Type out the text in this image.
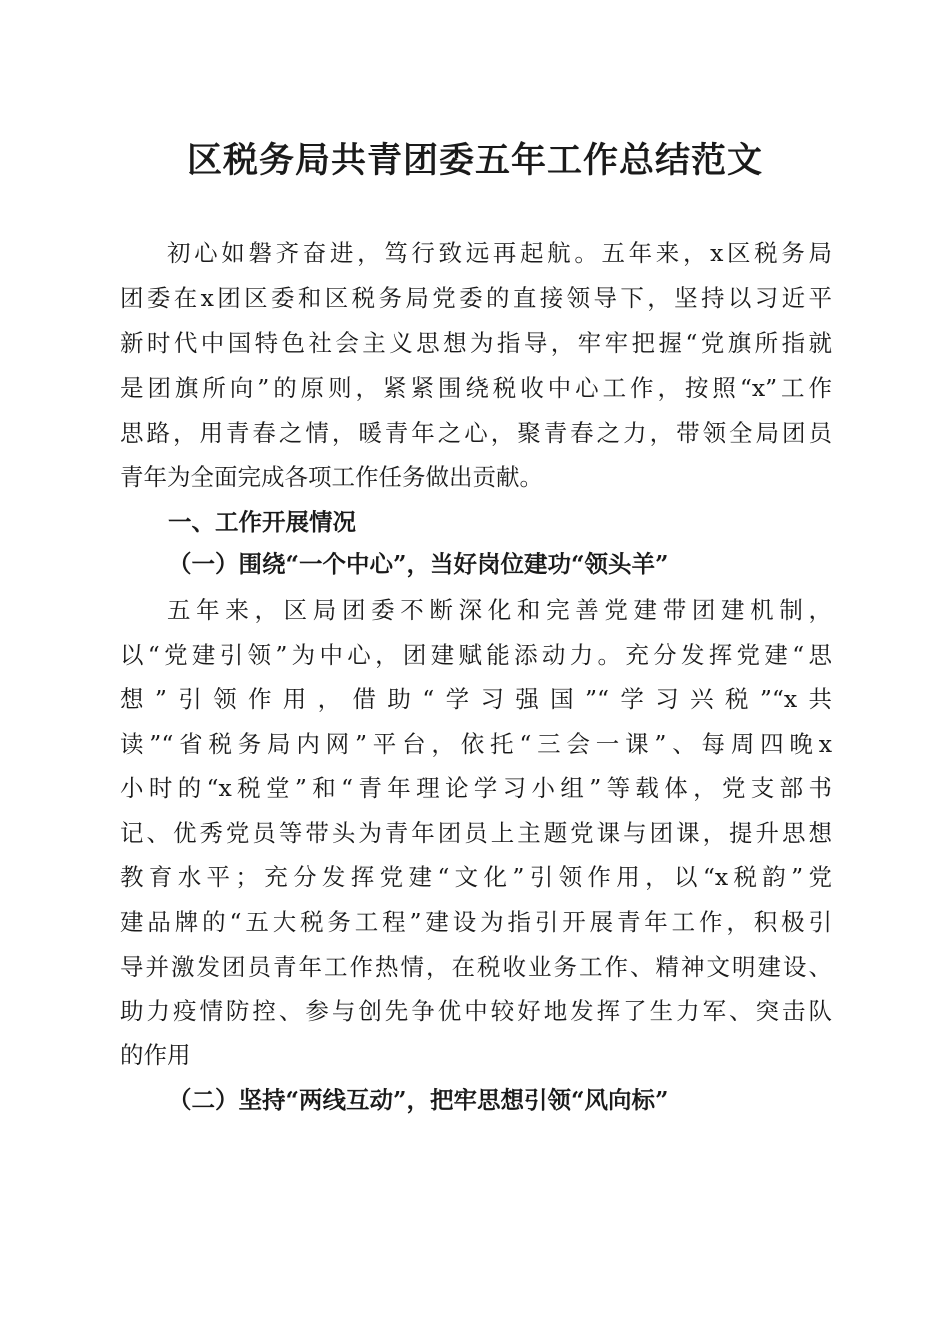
区税务局共青团委五年工作总结范文
初心如磐齐奋进，笃行致远再起航。五年来，x区税务局
团委在x团区委和区税务局党委的直接领导下，坚持以习近平
新时代中国特色社会主义思想为指导，牢牢把握“党旗所指就
是团旗所向”的原则，紧紧围绕税收中心工作，按照“x”工作
思路，用青春之情，暖青年之心，聚青春之力，带领全局团员
青年为全面完成各项工作任务做出贡献。
一、工作开展情况
（一）围绕“一个中心”，当好岗位建功“领头羊”
五年来，区局团委不断深化和完善党建带团建机制，
以“党建引领”为中心，团建赋能添动力。充分发挥党建“思
想”引领作用，借助“学习强国”“学习兴税”“x共
读”“省税务局内网”平台，依托“三会一课”、每周四晚x
小时的“x税堂”和“青年理论学习小组”等载体，党支部书
记、优秀党员等带头为青年团员上主题党课与团课，提升思想
教育水平；充分发挥党建“文化”引领作用，以“x税韵”党
建品牌的“五大税务工程”建设为指引开展青年工作，积极引
导并激发团员青年工作热情，在税收业务工作、精神文明建设、
助力疫情防控、参与创先争优中较好地发挥了生力军、突击队
的作用
（二）坚持“两线互动”，把牢思想引领“风向标”
